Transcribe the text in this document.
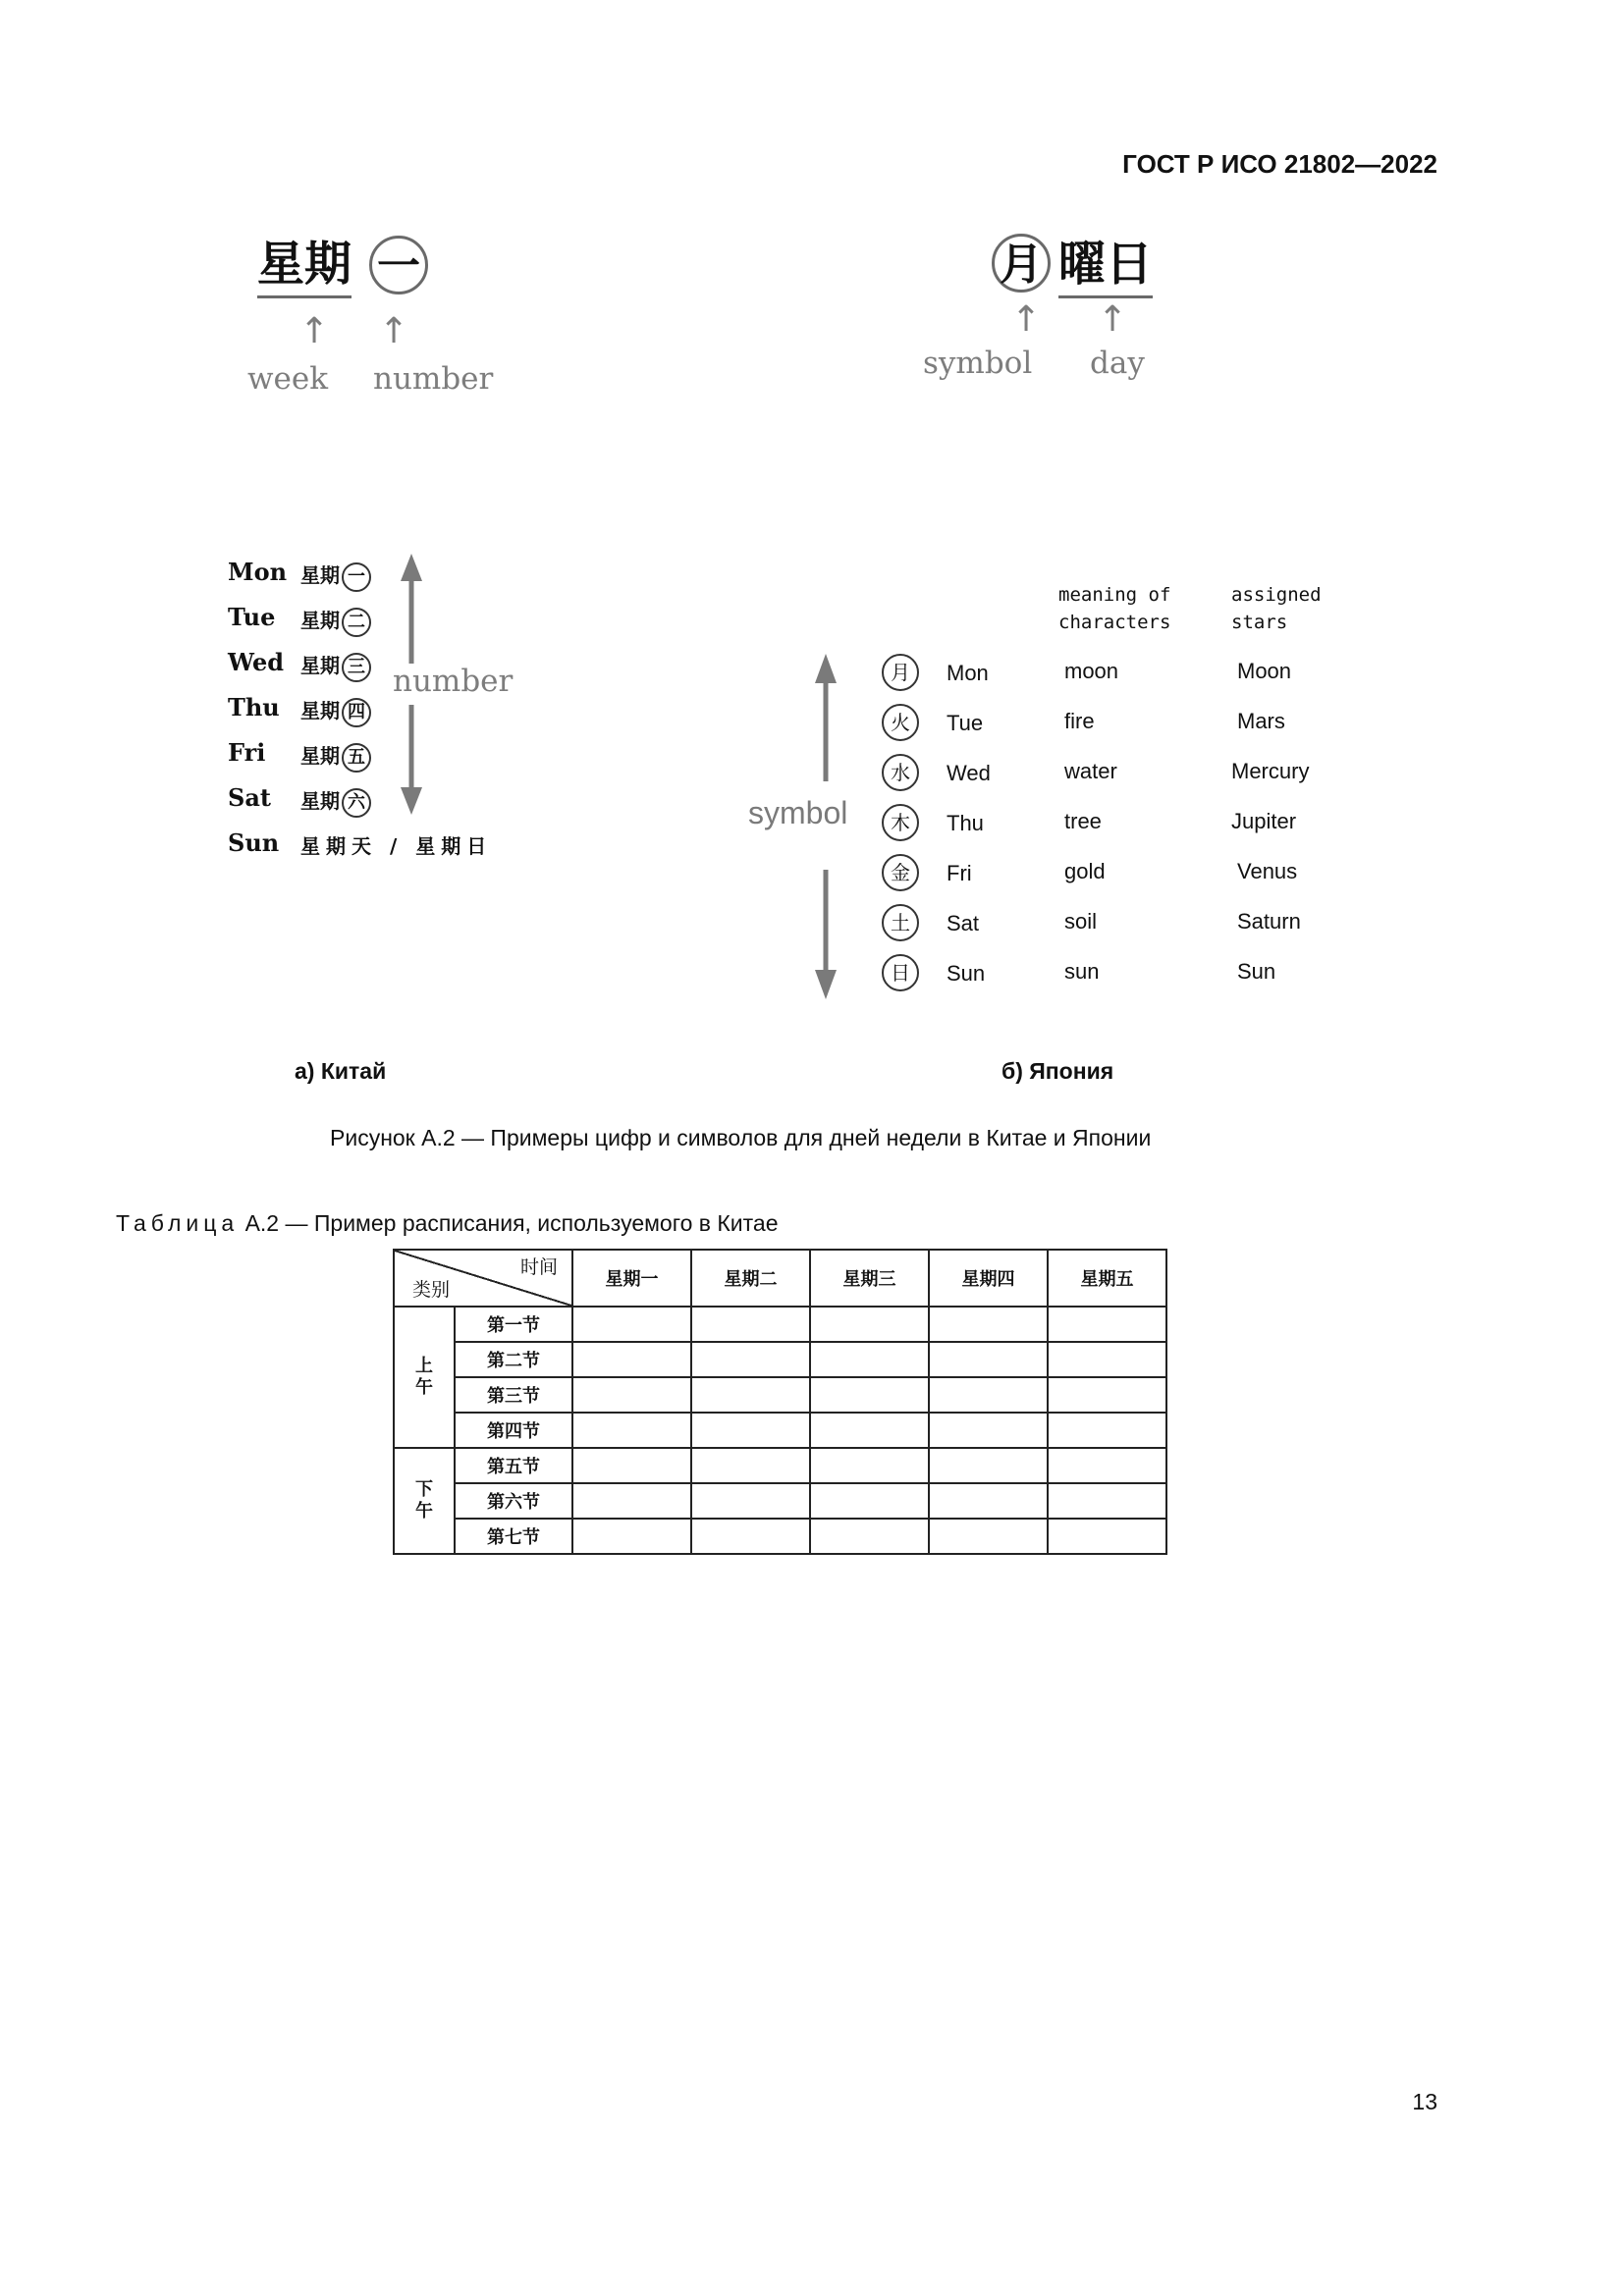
ГОСТ Р ИСО 21802—2022
星期 一
↑ ↑
week number
月 曜日
↑ ↑
symbol day
Mon 星期 一
Tue	星期 二
Wed 星期 三
Thu	星期 四
Fri	星期 五
Sat	星期 六
Sun	星期天 / 星期日
number
meaning of characters
assigned stars
symbol
月	Mon	moon	Moon
火	Tue	fire	Mars
水	Wed	water	Mercury
木	Thu	tree	Jupiter
金	Fri	gold	Venus
土	Sat	soil	Saturn
日	Sun	sun	Sun
а) Китай	б) Япония
Рисунок А.2 — Примеры цифр и символов для дней недели в Китае и Японии
Таблица А.2 — Пример расписания, используемого в Китае
时间
类别		星期一	星期二	星期三	星期四	星期五
上午	第一节					
	第二节					
	第三节					
	第四节					
下午	第五节					
	第六节					
	第七节					
13
